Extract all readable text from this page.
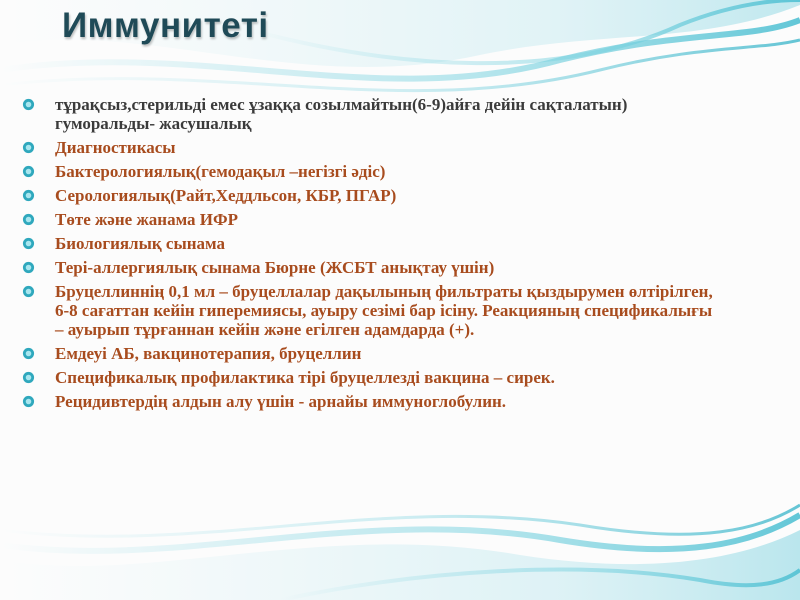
Иммунитеті
тұрақсыз,стерильді емес ұзаққа созылмайтын(6-9)айға дейін сақталатын) гуморальды- жасушалық
Диагностикасы
Бактерологиялық(гемодақыл –негізгі әдіс)
Серологиялық(Райт,Хеддльсон, КБР, ПГАР)
Төте және жанама ИФР
Биологиялық сынама
Тері-аллергиялық сынама Бюрне (ЖСБТ анықтау үшін)
Бруцеллиннің 0,1 мл – бруцеллалар дақылының фильтраты қыздырумен өлтірілген, 6-8 сағаттан кейін гиперемиясы, ауыру сезімі бар ісіну. Реакцияның спецификалығы – ауырып тұрғаннан кейін және егілген адамдарда (+).
Емдеуі АБ, вакцинотерапия, бруцеллин
Спецификалық профилактика тірі бруцеллезді вакцина – сирек.
Рецидивтердің алдын алу үшін - арнайы иммуноглобулин.
